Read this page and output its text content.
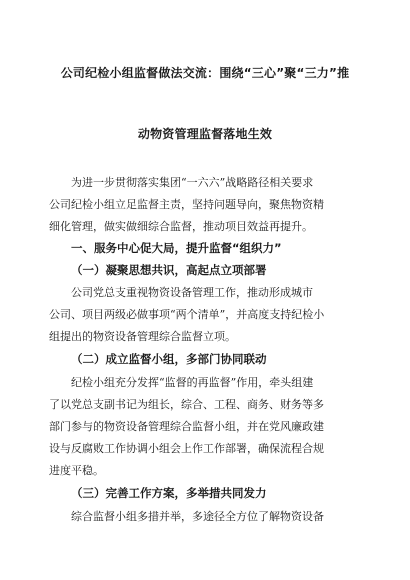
公司纪检小组监督做法交流：围绕“三心”聚“三力”推
动物资管理监督落地生效
为进一步贯彻落实集团“一六六”战略路径相关要求
公司纪检小组立足监督主责，坚持问题导向，聚焦物资精
细化管理，做实做细综合监督，推动项目效益再提升。
一、服务中心促大局，提升监督“组织力”
（一）凝聚思想共识，高起点立项部署
公司党总支重视物资设备管理工作，推动形成城市
公司、项目两级必做事项“两个清单”，并高度支持纪检小
组提出的物资设备管理综合监督立项。
（二）成立监督小组，多部门协同联动
纪检小组充分发挥“监督的再监督”作用，牵头组建
了以党总支副书记为组长，综合、工程、商务、财务等多
部门参与的物资设备管理综合监督小组，并在党风廉政建
设与反腐败工作协调小组会上作工作部署，确保流程合规
进度平稳。
（三）完善工作方案，多举措共同发力
综合监督小组多措并举，多途径全方位了解物资设备
